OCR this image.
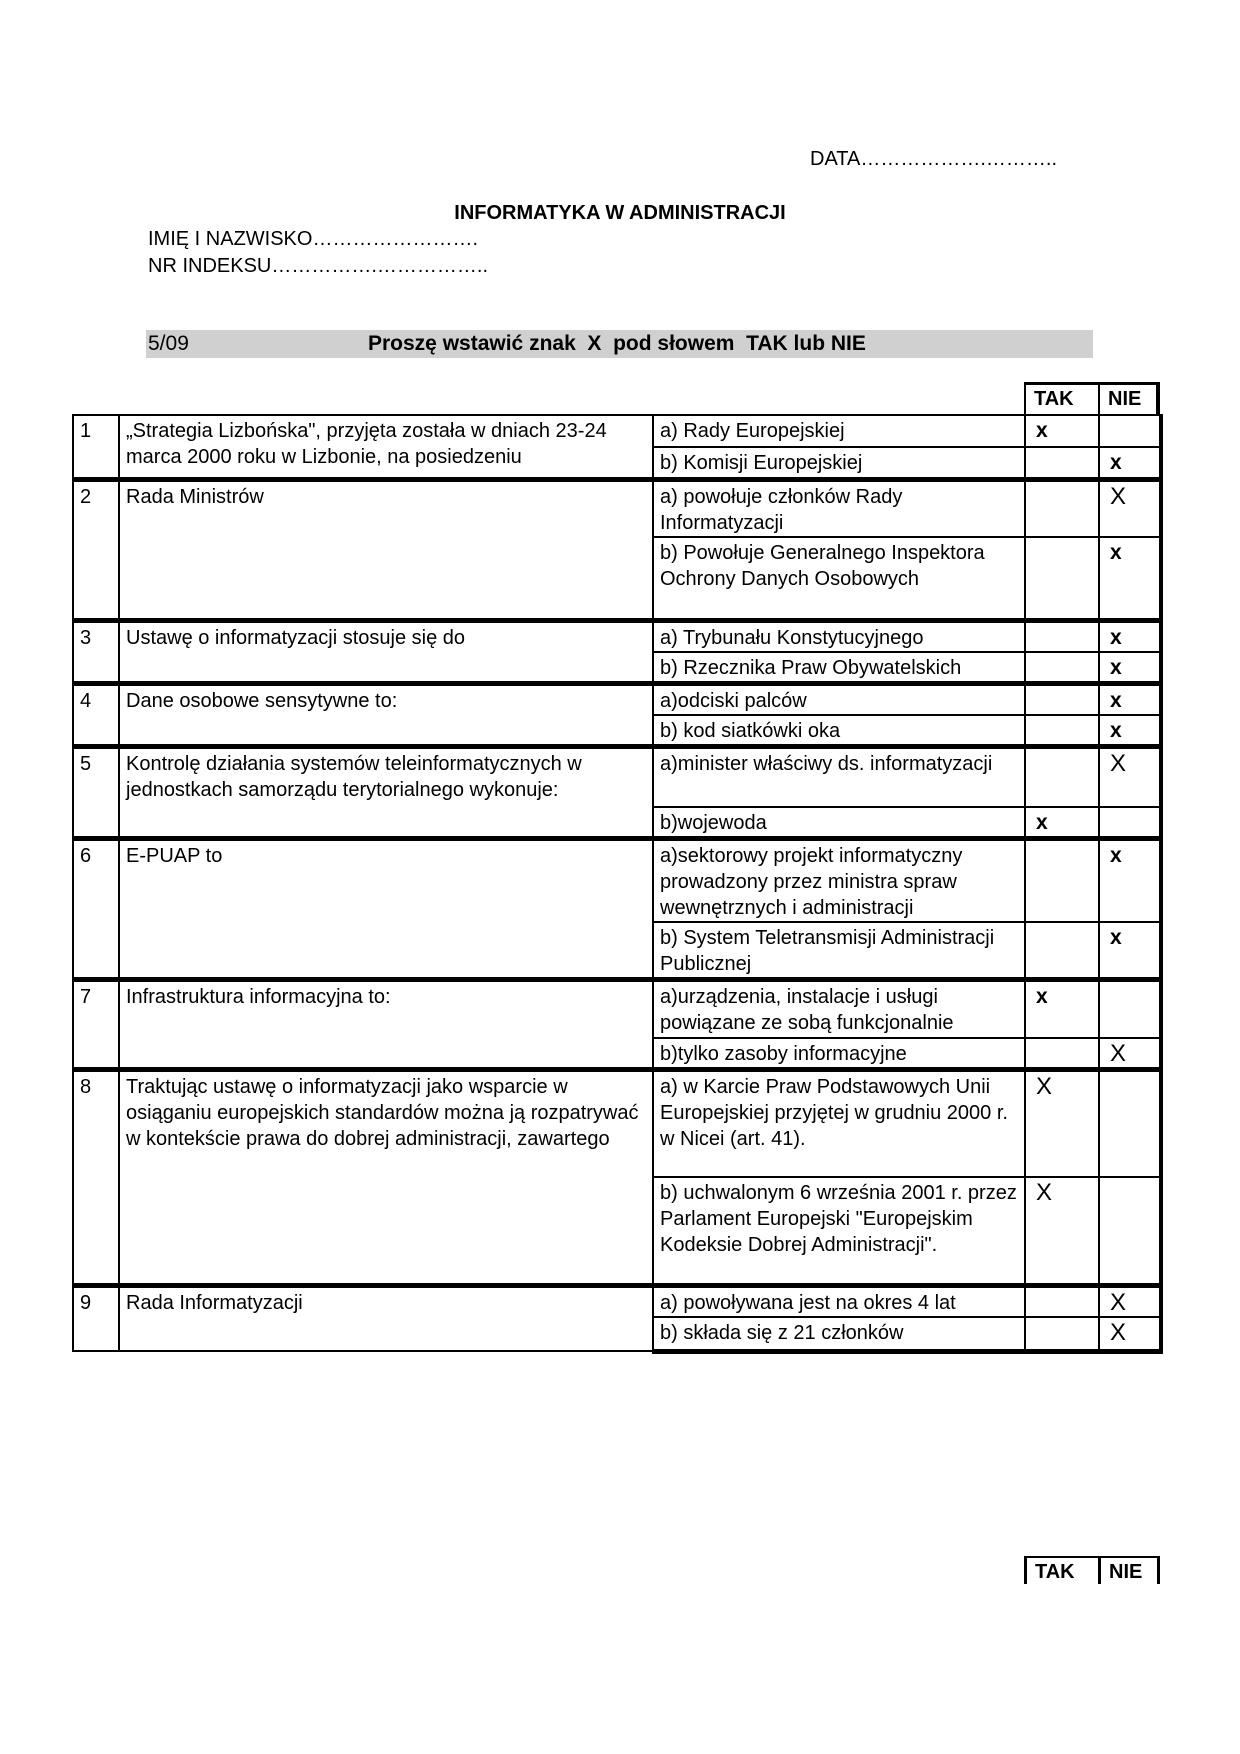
DATA……………….………..
INFORMATYKA W ADMINISTRACJI
IMIĘ I NAZWISKO…………………….
NR INDEKSU…………….……………..
5/09	Proszę wstawić znak  X  pod słowem  TAK lub NIE
TAK	NIE
1	„Strategia Lizbońska", przyjęta została w dniach 23-24 marca 2000 roku w Lizbonie, na posiedzeniu	a) Rady Europejskiej	x	
		b) Komisji Europejskiej		x
2	Rada Ministrów	a) powołuje członków Rady Informatyzacji		X
		b) Powołuje Generalnego Inspektora Ochrony Danych Osobowych		x
3	Ustawę o informatyzacji stosuje się do	a) Trybunału Konstytucyjnego		x
		b) Rzecznika Praw Obywatelskich		x
4	Dane osobowe sensytywne to:	a)odciski palców		x
		b) kod siatkówki oka		x
5	Kontrolę działania systemów teleinformatycznych w jednostkach samorządu terytorialnego wykonuje:	a)minister właściwy ds. informatyzacji		X
		b)wojewoda	x	
6	E-PUAP to	a)sektorowy projekt informatyczny prowadzony przez ministra spraw wewnętrznych i administracji		x
		b) System Teletransmisji Administracji Publicznej		x
7	Infrastruktura informacyjna to:	a)urządzenia, instalacje i usługi powiązane ze sobą funkcjonalnie	x	
		b)tylko zasoby informacyjne		X
8	Traktując ustawę o informatyzacji jako wsparcie w osiąganiu europejskich standardów można ją rozpatrywać w kontekście prawa do dobrej administracji, zawartego	a) w Karcie Praw Podstawowych Unii Europejskiej przyjętej w grudniu 2000 r. w Nicei (art. 41).	X	
		b) uchwalonym 6 września 2001 r. przez Parlament Europejski "Europejskim Kodeksie Dobrej Administracji".	X	
9	Rada Informatyzacji	a) powoływana jest na okres 4 lat		X
		b) składa się z 21 członków		X
TAK	NIE
